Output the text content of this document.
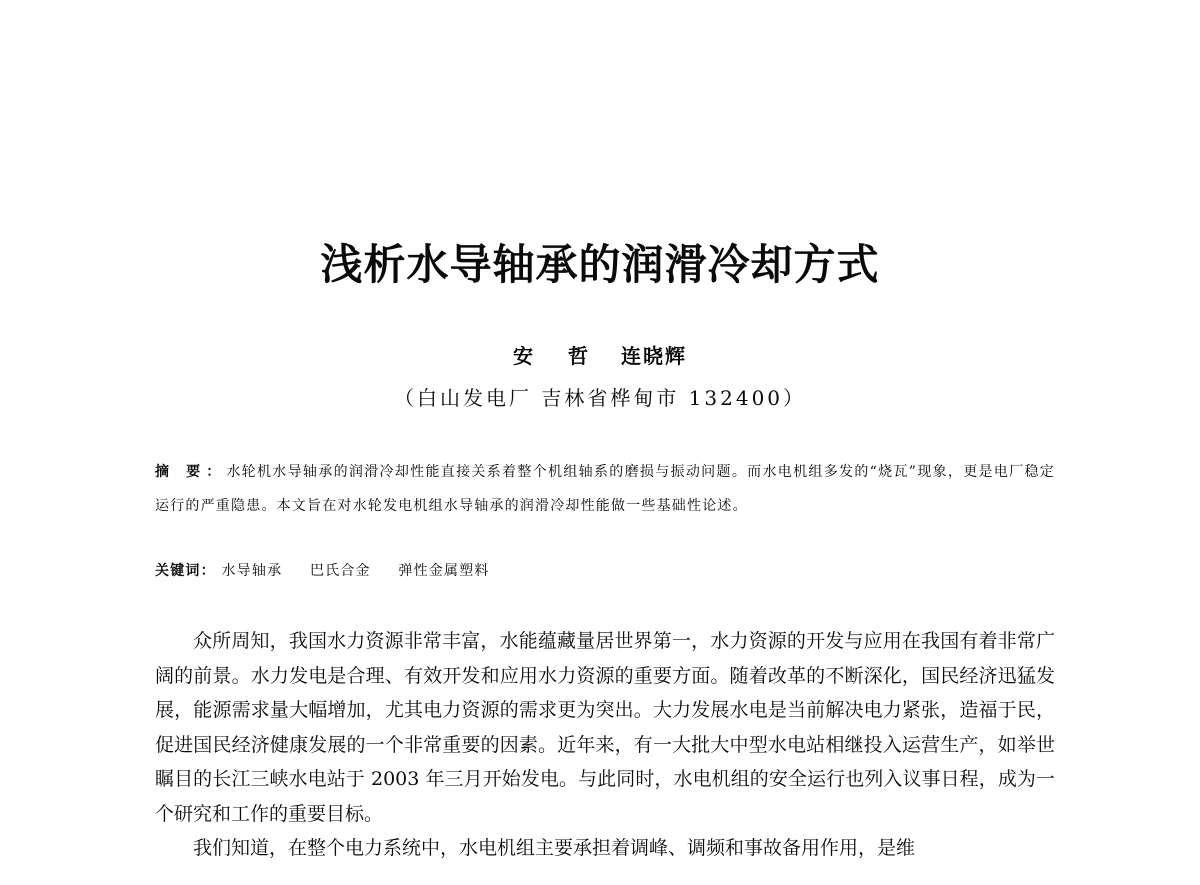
浅析水导轴承的润滑冷却方式
安 哲 连晓辉
（白山发电厂 吉林省桦甸市 132400）
摘 要：水轮机水导轴承的润滑冷却性能直接关系着整个机组轴系的磨损与振动问题。而水电机组多发的“烧瓦”现象，更是电厂稳定运行的严重隐患。本文旨在对水轮发电机组水导轴承的润滑冷却性能做一些基础性论述。
关键词： 水导轴承 巴氏合金 弹性金属塑料

众所周知，我国水力资源非常丰富，水能蕴藏量居世界第一，水力资源的开发与应用在我国有着非常广阔的前景。水力发电是合理、有效开发和应用水力资源的重要方面。随着改革的不断深化，国民经济迅猛发展，能源需求量大幅增加，尤其电力资源的需求更为突出。大力发展水电是当前解决电力紧张，造福于民，促进国民经济健康发展的一个非常重要的因素。近年来，有一大批大中型水电站相继投入运营生产，如举世瞩目的长江三峡水电站于 2003 年三月开始发电。与此同时，水电机组的安全运行也列入议事日程，成为一个研究和工作的重要目标。

我们知道，在整个电力系统中，水电机组主要承担着调峰、调频和事故备用作用，是维
